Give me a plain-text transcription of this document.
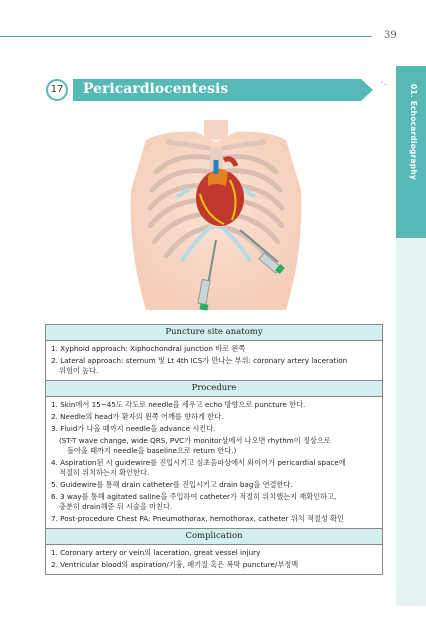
39
01. Echocardiography
·.
17	Pericardiocentesis
Puncture site anatomy

1. Xyphoid approach: Xiphochondral junction 바로 왼쪽

2. Lateral approach: sternum 및 Lt 4th ICS가 만나는 부위: coronary artery laceration
위험이 높다.

Procedure

1. Skin에서 15~45도 각도로 needle을 세우고 echo 방향으로 puncture 한다.

2. Needle의 head가 환자의 왼쪽 어깨를 향하게 한다.

3. Fluid가 나올 때까지 needle을 advance 시킨다.

(ST-T wave change, wide QRS, PVC가 monitor상에서 나오면 rhythm이 정상으로
돌아올 때까지 needle을 baseline으로 return 한다.)

4. Aspiration된 시 guidewire를 진입시키고 심초음파상에서 와이어가 pericardial space에
적절히 위치하는지 확인한다.

5. Guidewire를 통해 drain catheter를 진입시키고 drain bag을 연결한다.

6. 3 way를 통해 agitated saline을 주입하여 catheter가 적절히 위치했는지 재확인하고,
충분히 drain해준 뒤 시술을 마친다.

7. Post-procedure Chest PA: Pneumothorax, hemothorax, catheter 위치 적절성 확인

Complication

1. Coronary artery or vein의 laceration, great vessel injury

2. Ventricular blood의 aspiration/기흉, 폐기질 혹은 복막 puncture/부정맥
